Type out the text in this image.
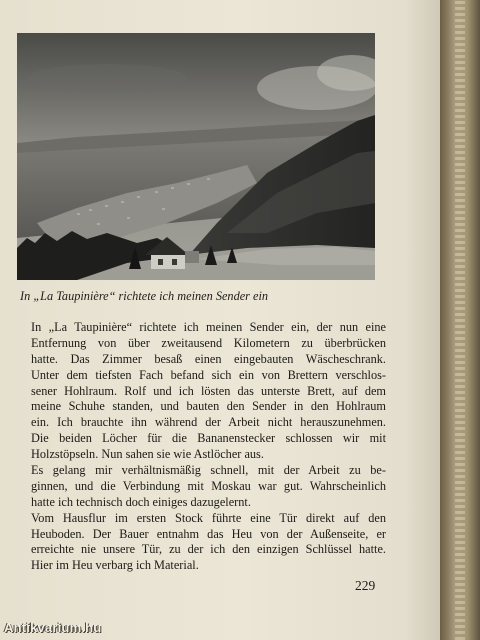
In „La Taupinière“ richtete ich meinen Sender ein
In „La Taupinière“ richtete ich meinen Sender ein, der nun eine
Entfernung von über zweitausend Kilometern zu überbrücken
hatte. Das Zimmer besaß einen eingebauten Wäscheschrank.
Unter dem tiefsten Fach befand sich ein von Brettern verschlos-
sener Hohlraum. Rolf und ich lösten das unterste Brett, auf dem
meine Schuhe standen, und bauten den Sender in den Hohlraum
ein. Ich brauchte ihn während der Arbeit nicht herauszunehmen.
Die beiden Löcher für die Bananenstecker schlossen wir mit
Holzstöpseln. Nun sahen sie wie Astlöcher aus.
Es gelang mir verhältnismäßig schnell, mit der Arbeit zu be-
ginnen, und die Verbindung mit Moskau war gut. Wahrscheinlich
hatte ich technisch doch einiges dazugelernt.
Vom Hausflur im ersten Stock führte eine Tür direkt auf den
Heuboden. Der Bauer entnahm das Heu von der Außenseite, er
erreichte nie unsere Tür, zu der ich den einzigen Schlüssel hatte.
Hier im Heu verbarg ich Material.
229
Antikvarium.hu
